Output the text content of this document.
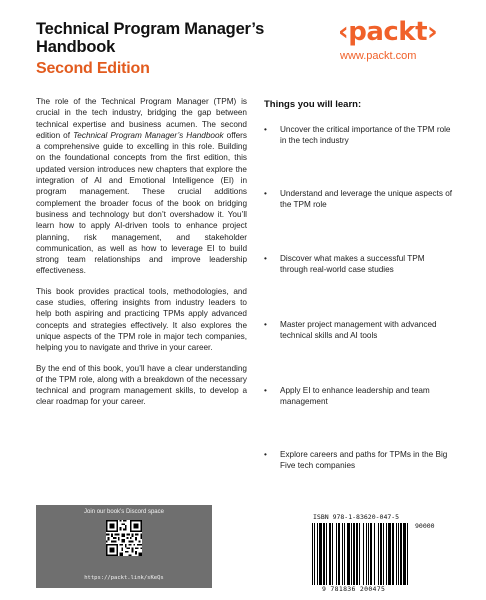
Technical Program Manager’s Handbook
Second Edition
‹packt›
www.packt.com

The role of the Technical Program Manager (TPM) is crucial in the tech industry, bridging the gap between technical expertise and business acumen. The second edition of Technical Program Manager’s Handbook offers a comprehensive guide to excelling in this role. Building on the foundational concepts from the first edition, this updated version introduces new chapters that explore the integration of AI and Emotional Intelligence (EI) in program management. These crucial additions complement the broader focus of the book on bridging business and technology but don’t overshadow it. You’ll learn how to apply AI-driven tools to enhance project planning, risk management, and stakeholder communication, as well as how to leverage EI to build strong team relationships and improve leadership effectiveness.

This book provides practical tools, methodologies, and case studies, offering insights from industry leaders to help both aspiring and practicing TPMs apply advanced concepts and strategies effectively. It also explores the unique aspects of the TPM role in major tech companies, helping you to navigate and thrive in your career.

By the end of this book, you’ll have a clear understanding of the TPM role, along with a breakdown of the necessary technical and program management skills, to develop a clear roadmap for your career.

Things you will learn:
•	Uncover the critical importance of the TPM role in the tech industry
•	Understand and leverage the unique aspects of the TPM role
•	Discover what makes a successful TPM through real-world case studies
•	Master project management with advanced technical skills and AI tools
•	Apply EI to enhance leadership and team management
•	Explore careers and paths for TPMs in the Big Five tech companies
Join our book’s Discord space
https://packt.link/sKeQs
ISBN 978-1-83620-047-5
90000
9 781836 200475
